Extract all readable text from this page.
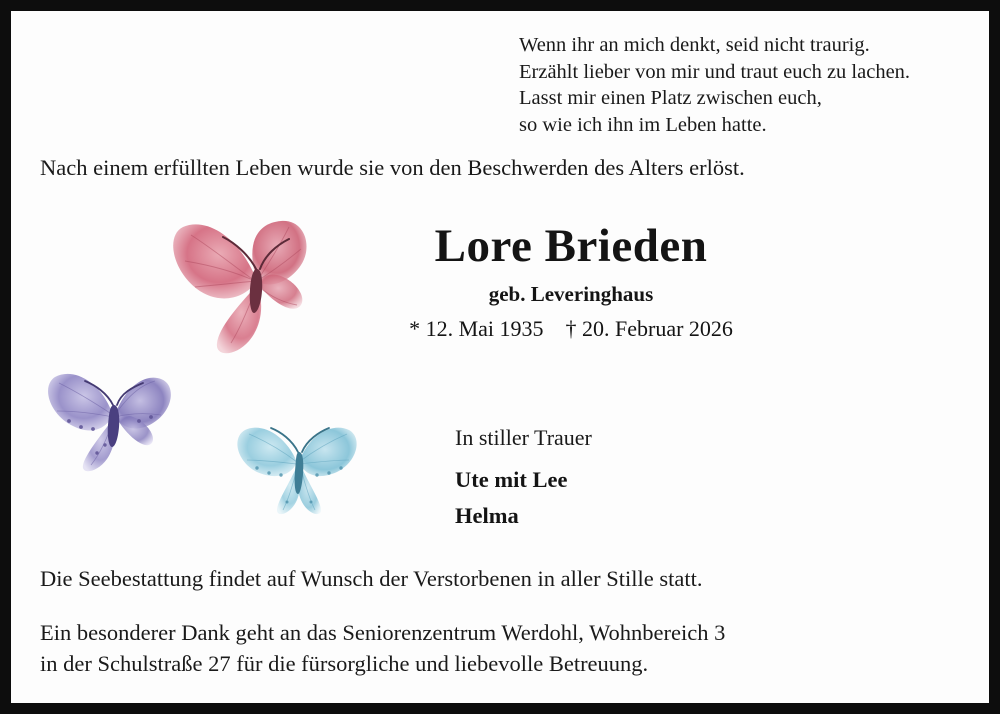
Wenn ihr an mich denkt, seid nicht traurig.
Erzählt lieber von mir und traut euch zu lachen.
Lasst mir einen Platz zwischen euch,
so wie ich ihn im Leben hatte.
Nach einem erfüllten Leben wurde sie von den Beschwerden des Alters erlöst.
Lore Brieden
geb. Leveringhaus
* 12. Mai 1935 † 20. Februar 2026
In stiller Trauer
Ute mit Lee
Helma
Die Seebestattung findet auf Wunsch der Verstorbenen in aller Stille statt.
Ein besonderer Dank geht an das Seniorenzentrum Werdohl, Wohnbereich 3 in der Schulstraße 27 für die fürsorgliche und liebevolle Betreuung.
